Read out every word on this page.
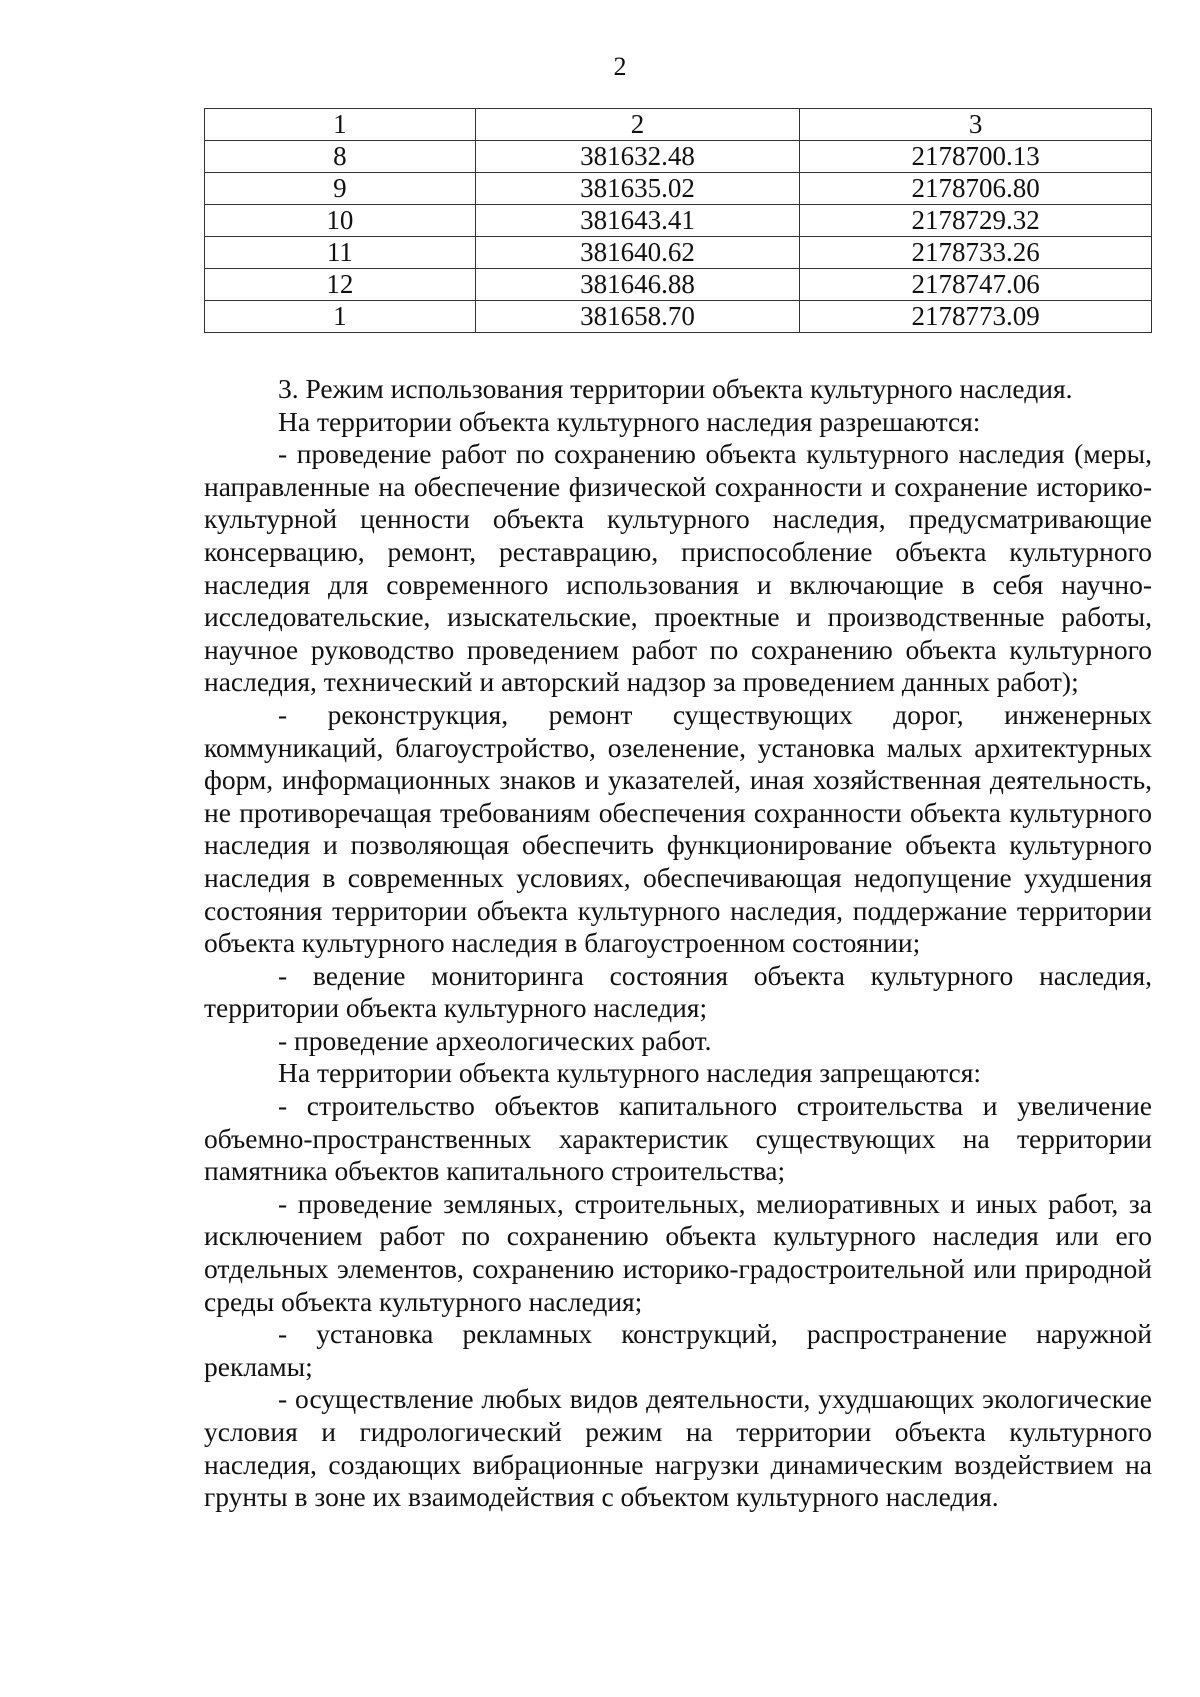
2
1	2	3
8	381632.48	2178700.13
9	381635.02	2178706.80
10	381643.41	2178729.32
11	381640.62	2178733.26
12	381646.88	2178747.06
1	381658.70	2178773.09

3. Режим использования территории объекта культурного наследия.

На территории объекта культурного наследия разрешаются:

- проведение работ по сохранению объекта культурного наследия (меры, направленные на обеспечение физической сохранности и сохранение историко-культурной ценности объекта культурного наследия, предусматривающие консервацию, ремонт, реставрацию, приспособление объекта культурного наследия для современного использования и включающие в себя научно-исследовательские, изыскательские, проектные и производственные работы, научное руководство проведением работ по сохранению объекта культурного наследия, технический и авторский надзор за проведением данных работ);

- реконструкция, ремонт существующих дорог, инженерных коммуникаций, благоустройство, озеленение, установка малых архитектурных форм, информационных знаков и указателей, иная хозяйственная деятельность, не противоречащая требованиям обеспечения сохранности объекта культурного наследия и позволяющая обеспечить функционирование объекта культурного наследия в современных условиях, обеспечивающая недопущение ухудшения состояния территории объекта культурного наследия, поддержание территории объекта культурного наследия в благоустроенном состоянии;

- ведение мониторинга состояния объекта культурного наследия, территории объекта культурного наследия;

- проведение археологических работ.

На территории объекта культурного наследия запрещаются:

- строительство объектов капитального строительства и увеличение объемно-пространственных характеристик существующих на территории памятника объектов капитального строительства;

- проведение земляных, строительных, мелиоративных и иных работ, за исключением работ по сохранению объекта культурного наследия или его отдельных элементов, сохранению историко-градостроительной или природной среды объекта культурного наследия;

- установка рекламных конструкций, распространение наружной рекламы;

- осуществление любых видов деятельности, ухудшающих экологические условия и гидрологический режим на территории объекта культурного наследия, создающих вибрационные нагрузки динамическим воздействием на грунты в зоне их взаимодействия с объектом культурного наследия.
